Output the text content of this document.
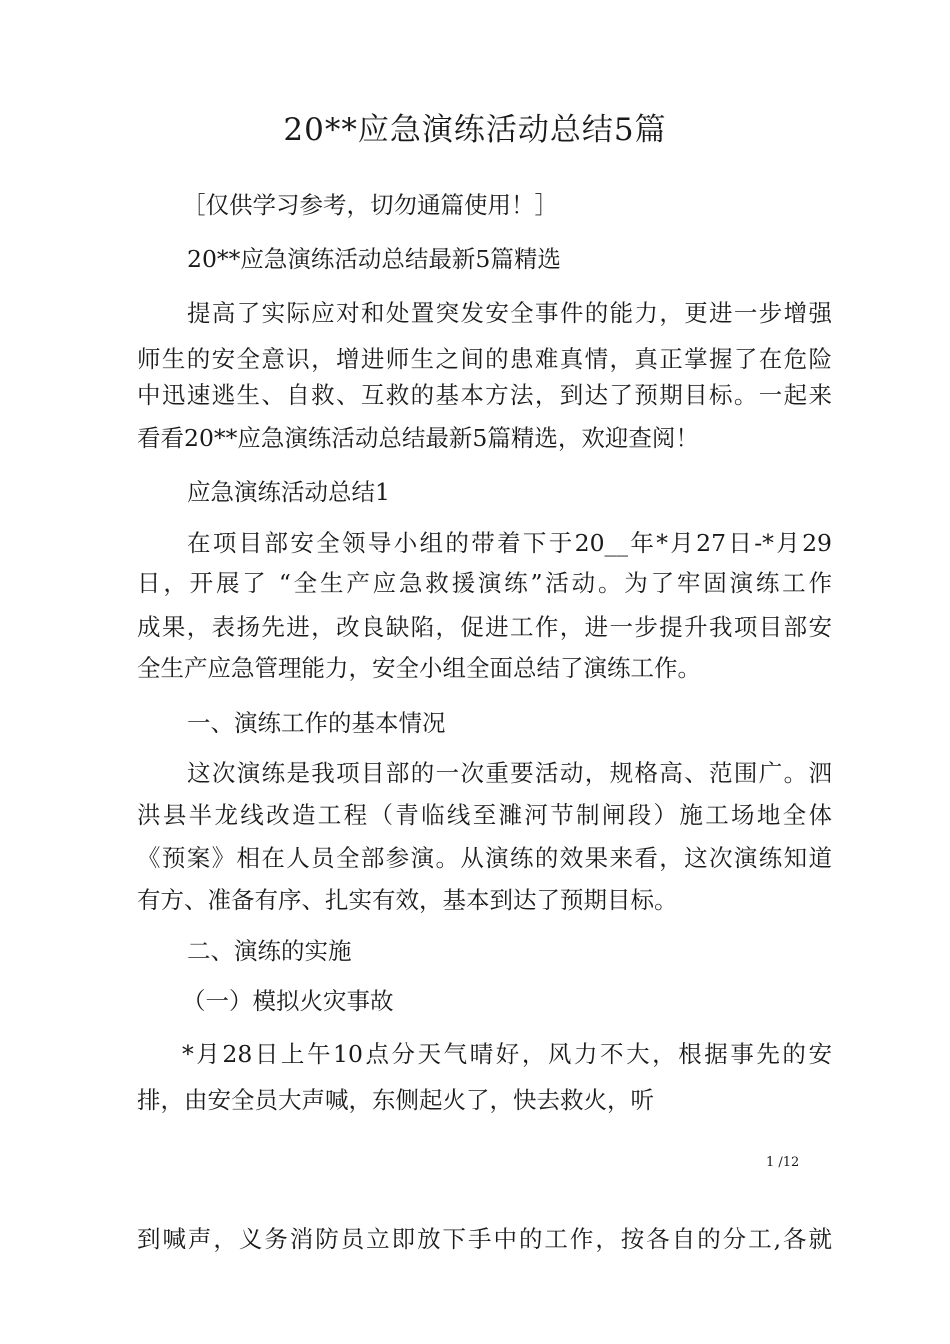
20**应急演练活动总结5篇
［仅供学习参考，切勿通篇使用！］
20**应急演练活动总结最新5篇精选
提高了实际应对和处置突发安全事件的能力，更进一步增强
师生的安全意识，增进师生之间的患难真情，真正掌握了在危险
中迅速逃生、自救、互救的基本方法，到达了预期目标。一起来
看看20**应急演练活动总结最新5篇精选，欢迎查阅！
应急演练活动总结1
在项目部安全领导小组的带着下于20__年*月27日-*月29
日，开展了 “全生产应急救援演练”活动。为了牢固演练工作
成果，表扬先进，改良缺陷，促进工作，进一步提升我项目部安
全生产应急管理能力，安全小组全面总结了演练工作。
一、演练工作的基本情况
这次演练是我项目部的一次重要活动，规格高、范围广。泗
洪县半龙线改造工程（青临线至濉河节制闸段）施工场地全体
《预案》相在人员全部参演。从演练的效果来看，这次演练知道
有方、准备有序、扎实有效，基本到达了预期目标。
二、演练的实施
（一）模拟火灾事故
*月28日上午10点分天气晴好，风力不大，根据事先的安
排，由安全员大声喊，东侧起火了，快去救火，听
1 /12
到喊声，义务消防员立即放下手中的工作，按各自的分工,各就
